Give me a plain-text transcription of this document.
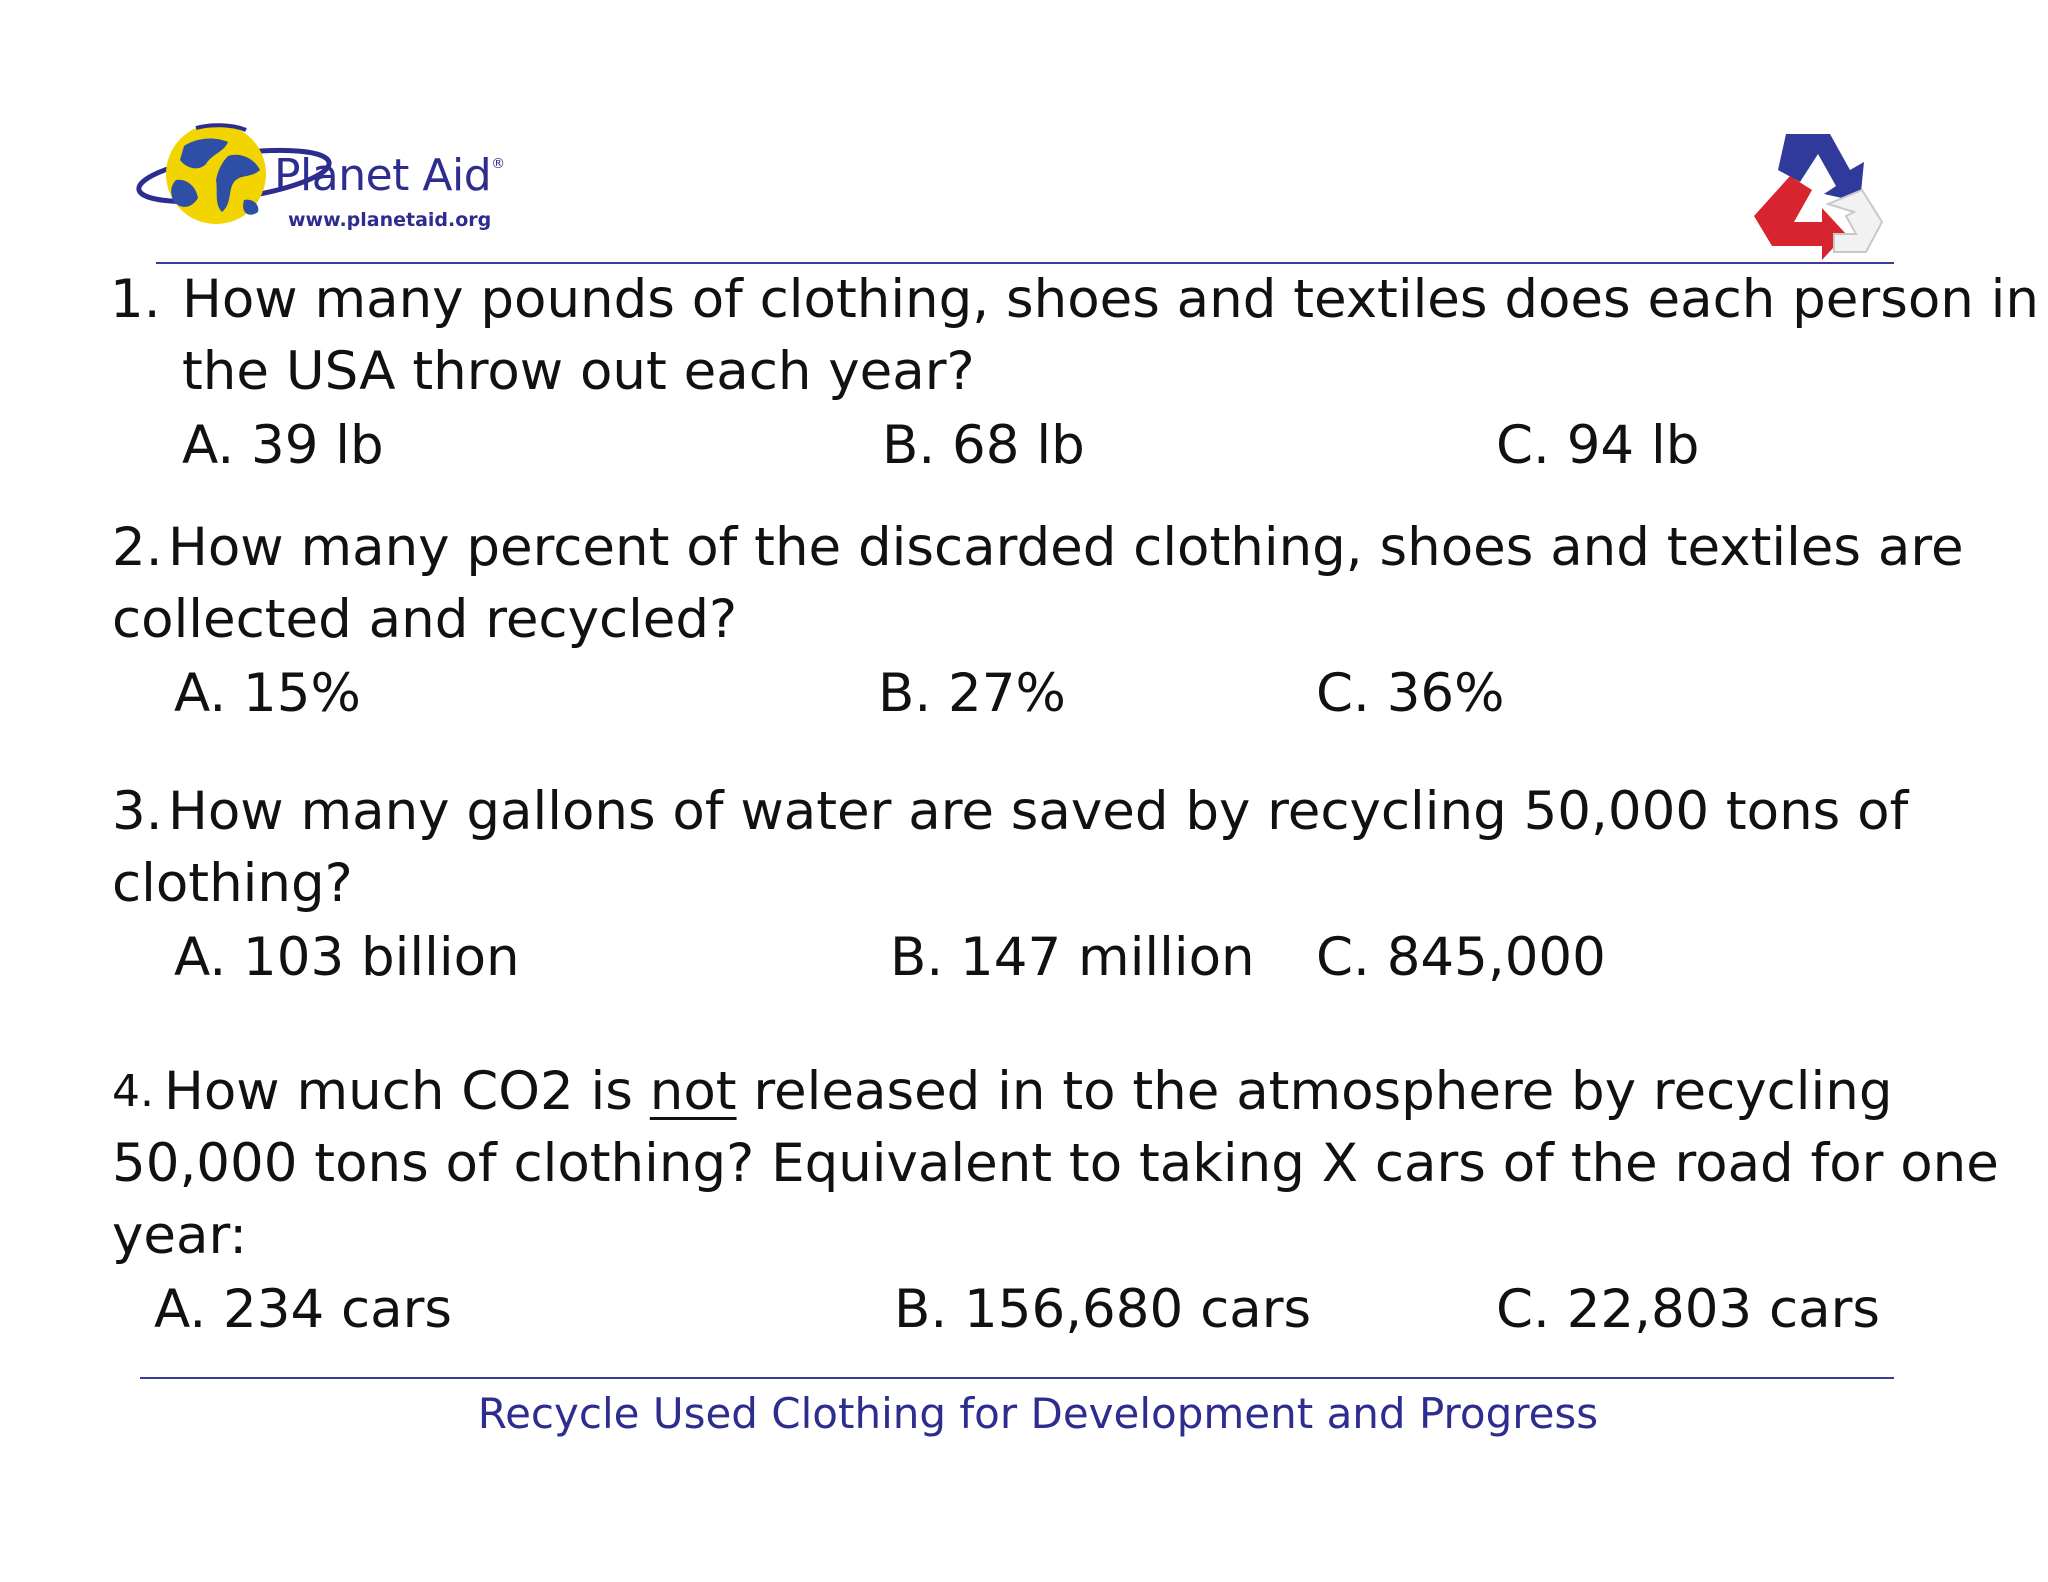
Planet Aid®
www.planetaid.org
1. How many pounds of clothing, shoes and textiles does each person in
the USA throw out each year?
A. 39 lb	B. 68 lb	C. 94 lb
2. How many percent of the discarded clothing, shoes and textiles are
collected and recycled?
A. 15%	B. 27%	C. 36%
3. How many gallons of water are saved by recycling 50,000 tons of
clothing?
A. 103 billion	B. 147 million C. 845,000
4. How much CO2 is not released in to the atmosphere by recycling
50,000 tons of clothing? Equivalent to taking X cars of the road for one
year:
A. 234 cars	B. 156,680 cars	C. 22,803 cars
Recycle Used Clothing for Development and Progress
